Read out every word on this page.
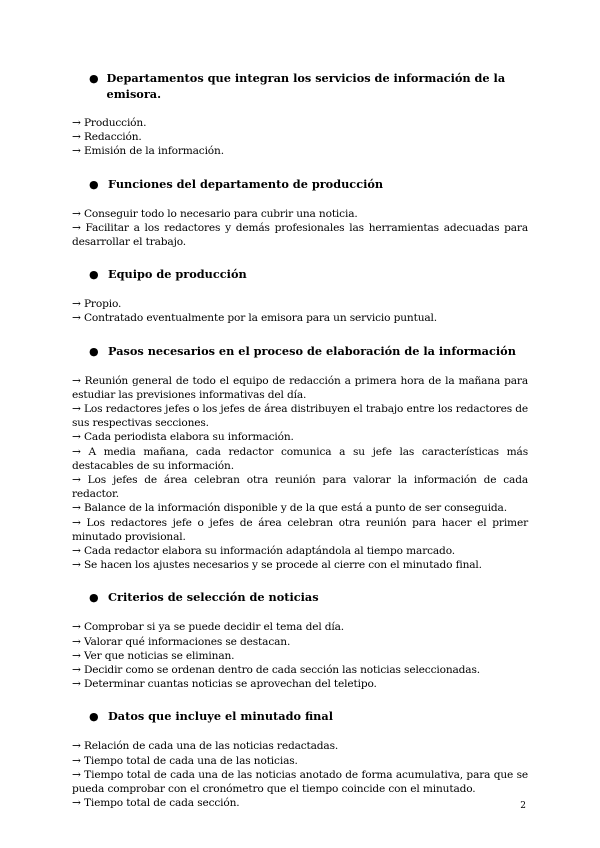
● Departamentos que integran los servicios de información de la emisora.
→ Producción.
→ Redacción.
→ Emisión de la información.
● Funciones del departamento de producción
→ Conseguir todo lo necesario para cubrir una noticia.
→ Facilitar a los redactores y demás profesionales las herramientas adecuadas para desarrollar el trabajo.
● Equipo de producción
→ Propio.
→ Contratado eventualmente por la emisora para un servicio puntual.
● Pasos necesarios en el proceso de elaboración de la información
→ Reunión general de todo el equipo de redacción a primera hora de la mañana para estudiar las previsiones informativas del día.
→ Los redactores jefes o los jefes de área distribuyen el trabajo entre los redactores de sus respectivas secciones.
→ Cada periodista elabora su información.
→ A media mañana, cada redactor comunica a su jefe las características más destacables de su información.
→ Los jefes de área celebran otra reunión para valorar la información de cada redactor.
→ Balance de la información disponible y de la que está a punto de ser conseguida.
→ Los redactores jefe o jefes de área celebran otra reunión para hacer el primer minutado provisional.
→ Cada redactor elabora su información adaptándola al tiempo marcado.
→ Se hacen los ajustes necesarios y se procede al cierre con el minutado final.
● Criterios de selección de noticias
→ Comprobar si ya se puede decidir el tema del día.
→ Valorar qué informaciones se destacan.
→ Ver que noticias se eliminan.
→ Decidir como se ordenan dentro de cada sección las noticias seleccionadas.
→ Determinar cuantas noticias se aprovechan del teletipo.
● Datos que incluye el minutado final
→ Relación de cada una de las noticias redactadas.
→ Tiempo total de cada una de las noticias.
→ Tiempo total de cada una de las noticias anotado de forma acumulativa, para que se pueda comprobar con el cronómetro que el tiempo coincide con el minutado.
→ Tiempo total de cada sección.	2
